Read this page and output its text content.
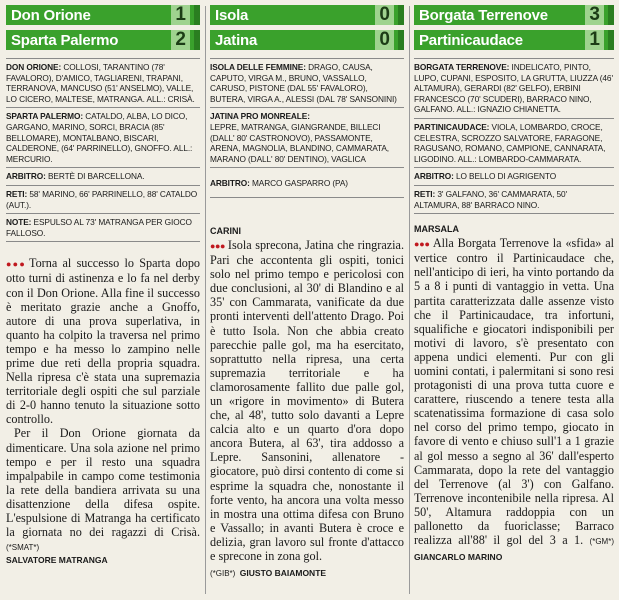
Don Orione	1
Sparta Palermo	2
DON ORIONE: COLLOSI, TARANTINO (78' FAVALORO), D'AMICO, TAGLIARENI, TRAPANI, TERRANOVA, MANCUSO (51' ANSELMO), VALLE, LO CICERO, MALTESE, MATRANGA. ALL.: CRISÀ.
SPARTA PALERMO: CATALDO, ALBA, LO DICO, GARGANO, MARINO, SORCI, BRACIA (85' BELLOMARE), MONTALBANO, BISCARI, CALDERONE, (64' PARRINELLO), GNOFFO. ALL.: MERCURIO.
ARBITRO: BERTÈ DI BARCELLONA.
RETI: 58' MARINO, 66' PARRINELLO, 88' CATALDO (AUT.).
NOTE: ESPULSO AL 73' MATRANGA PER GIOCO FALLOSO.

●●● Torna al successo lo Sparta dopo otto turni di astinenza e lo fa nel derby con il Don Orione. Alla fine il successo è meritato grazie anche a Gnoffo, autore di una prova superlativa, in quanto ha colpito la traversa nel primo tempo e ha messo lo zampino nelle prime due reti della propria squadra. Nella ripresa c'è stata una supremazia territoriale degli ospiti che sul parziale di 2-0 hanno tenuto la situazione sotto controllo.

Per il Don Orione giornata da dimenticare. Una sola azione nel primo tempo e per il resto una squadra impalpabile in campo come testimonia la rete della bandiera arrivata su una disattenzione della difesa ospite. L'espulsione di Matranga ha certificato la giornata no dei ragazzi di Crisà. (*SMAT*)

SALVATORE MATRANGA
Isola	0
Jatina	0
ISOLA DELLE FEMMINE: DRAGO, CAUSA, CAPUTO, VIRGA M., BRUNO, VASSALLO, CARUSO, PISTONE (DAL 55' FAVALORO), BUTERA, VIRGA A., ALESSI (DAL 78' SANSONINI)
JATINA PRO MONREALE:
LEPRE, MATRANGA, GIANGRANDE, BILLECI (DALL' 80' CASTRONOVO), PASSAMONTE, ARENA, MAGNOLIA, BLANDINO, CAMMARATA, MARANO (DALL' 80' DENTINO), VAGLICA
ARBITRO: MARCO GASPARRO (PA)
CARINI

●●● Isola sprecona, Jatina che ringrazia. Pari che accontenta gli ospiti, tonici solo nel primo tempo e pericolosi con due conclusioni, al 30' di Blandino e al 35' con Cammarata, vanificate da due pronti interventi dell'attento Drago. Poi è tutto Isola. Non che abbia creato parecchie palle gol, ma ha esercitato, soprattutto nella ripresa, una certa supremazia territoriale e ha clamorosamente fallito due palle gol, un «rigore in movimento» di Butera che, al 48', tutto solo davanti a Lepre calcia alto e un quarto d'ora dopo ancora Butera, al 63', tira addosso a Lepre. Sansonini, allenatore - giocatore, può dirsi contento di come si esprime la squadra che, nonostante il forte vento, ha ancora una volta messo in mostra una ottima difesa con Bruno e Vassallo; in avanti Butera è croce e delizia, gran lavoro sul fronte d'attacco e sprecone in zona gol.

(*GIB*) GIUSTO BAIAMONTE
Borgata Terrenove 3
Partinicaudace	1
BORGATA TERRENOVE: INDELICATO, PINTO, LUPO, CUPANI, ESPOSITO, LA GRUTTA, LIUZZA (46' ALTAMURA), GERARDI (82' GELFO), ERBINI FRANCESCO (70' SCUDERI), BARRACO NINO, GALFANO. ALL.: IGNAZIO CHIANETTA.
PARTINICAUDACE: VIOLA, LOMBARDO, CROCE, CELESTRA, SCROZZO SALVATORE, FARAGONE, RAGUSANO, ROMANO, CAMPIONE, CANNARATA, LIGODINO. ALL.: LOMBARDO-CAMMARATA.
ARBITRO: LO BELLO DI AGRIGENTO
RETI: 3' GALFANO, 36' CAMMARATA, 50' ALTAMURA, 88' BARRACO NINO.
MARSALA

●●● Alla Borgata Terrenove la «sfida» al vertice contro il Partinicaudace che, nell'anticipo di ieri, ha vinto portando da 5 a 8 i punti di vantaggio in vetta. Una partita caratterizzata dalle assenze visto che il Partinicaudace, tra infortuni, squalifiche e giocatori indisponibili per motivi di lavoro, s'è presentato con appena undici elementi. Pur con gli uomini contati, i palermitani si sono resi protagonisti di una prova tutta cuore e carattere, riuscendo a tenere testa alla scatenatissima formazione di casa solo nel corso del primo tempo, giocato in favore di vento e chiuso sull'1 a 1 grazie al gol messo a segno al 36' dall'esperto Cammarata, dopo la rete del vantaggio del Terrenove (al 3') con Galfano. Terrenove incontenibile nella ripresa. Al 50', Altamura raddoppia con un pallonetto da fuoriclasse; Barraco realizza all'88' il gol del 3 a 1. (*GM*) GIANCARLO MARINO
